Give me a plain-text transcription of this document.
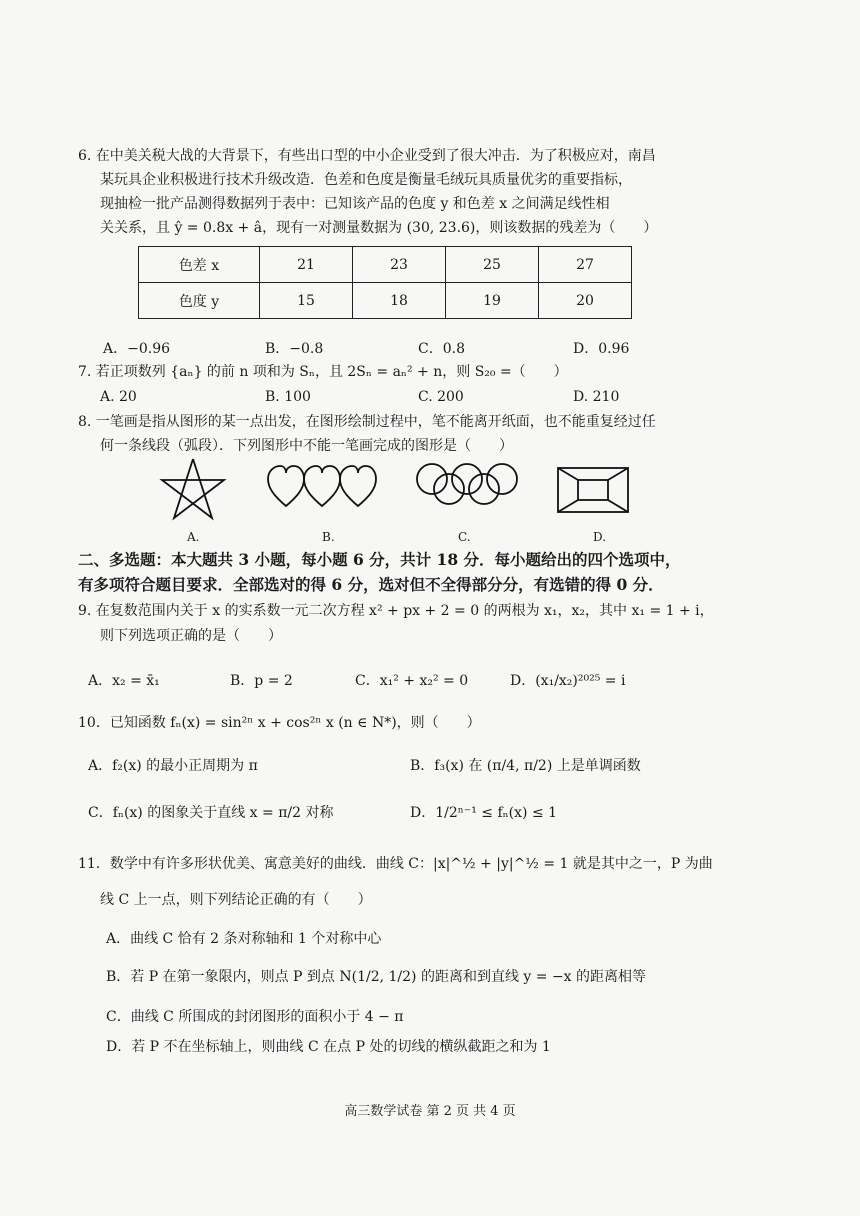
6. 在中美关税大战的大背景下，有些出口型的中小企业受到了很大冲击．为了积极应对，南昌
某玩具企业积极进行技术升级改造．色差和色度是衡量毛绒玩具质量优劣的重要指标，
现抽检一批产品测得数据列于表中：已知该产品的色度 y 和色差 x 之间满足线性相
关关系，且 ŷ = 0.8x + â，现有一对测量数据为 (30, 23.6)，则该数据的残差为（　　）
色差 x	21	23	25	27
色度 y	15	18	19	20
A．−0.96	B．−0.8	C．0.8	D．0.96
7. 若正项数列 {aₙ} 的前 n 项和为 Sₙ，且 2Sₙ = aₙ² + n，则 S₂₀ =（　　）
A. 20	B. 100	C. 200	D. 210
8. 一笔画是指从图形的某一点出发，在图形绘制过程中，笔不能离开纸面，也不能重复经过任
何一条线段（弧段）．下列图形中不能一笔画完成的图形是（　　）
A.	B.	C.	D.
二、多选题：本大题共 3 小题，每小题 6 分，共计 18 分．每小题给出的四个选项中，
有多项符合题目要求．全部选对的得 6 分，选对但不全得部分分，有选错的得 0 分．
9. 在复数范围内关于 x 的实系数一元二次方程 x² + px + 2 = 0 的两根为 x₁，x₂，其中 x₁ = 1 + i，
则下列选项正确的是（　　）
A．x₂ = x̄₁	B．p = 2	C．x₁² + x₂² = 0	D．(x₁/x₂)²⁰²⁵ = i
10．已知函数 fₙ(x) = sin²ⁿ x + cos²ⁿ x (n ∈ N*)，则（　　）
A．f₂(x) 的最小正周期为 π	B．f₃(x) 在 (π/4, π/2) 上是单调函数
C．fₙ(x) 的图象关于直线 x = π/2 对称	D．1/2ⁿ⁻¹ ≤ fₙ(x) ≤ 1
11．数学中有许多形状优美、寓意美好的曲线．曲线 C：|x|^½ + |y|^½ = 1 就是其中之一，P 为曲
线 C 上一点，则下列结论正确的有（　　）
A．曲线 C 恰有 2 条对称轴和 1 个对称中心
B．若 P 在第一象限内，则点 P 到点 N(1/2, 1/2) 的距离和到直线 y = −x 的距离相等
C．曲线 C 所围成的封闭图形的面积小于 4 − π
D．若 P 不在坐标轴上，则曲线 C 在点 P 处的切线的横纵截距之和为 1
高三数学试卷 第 2 页 共 4 页
